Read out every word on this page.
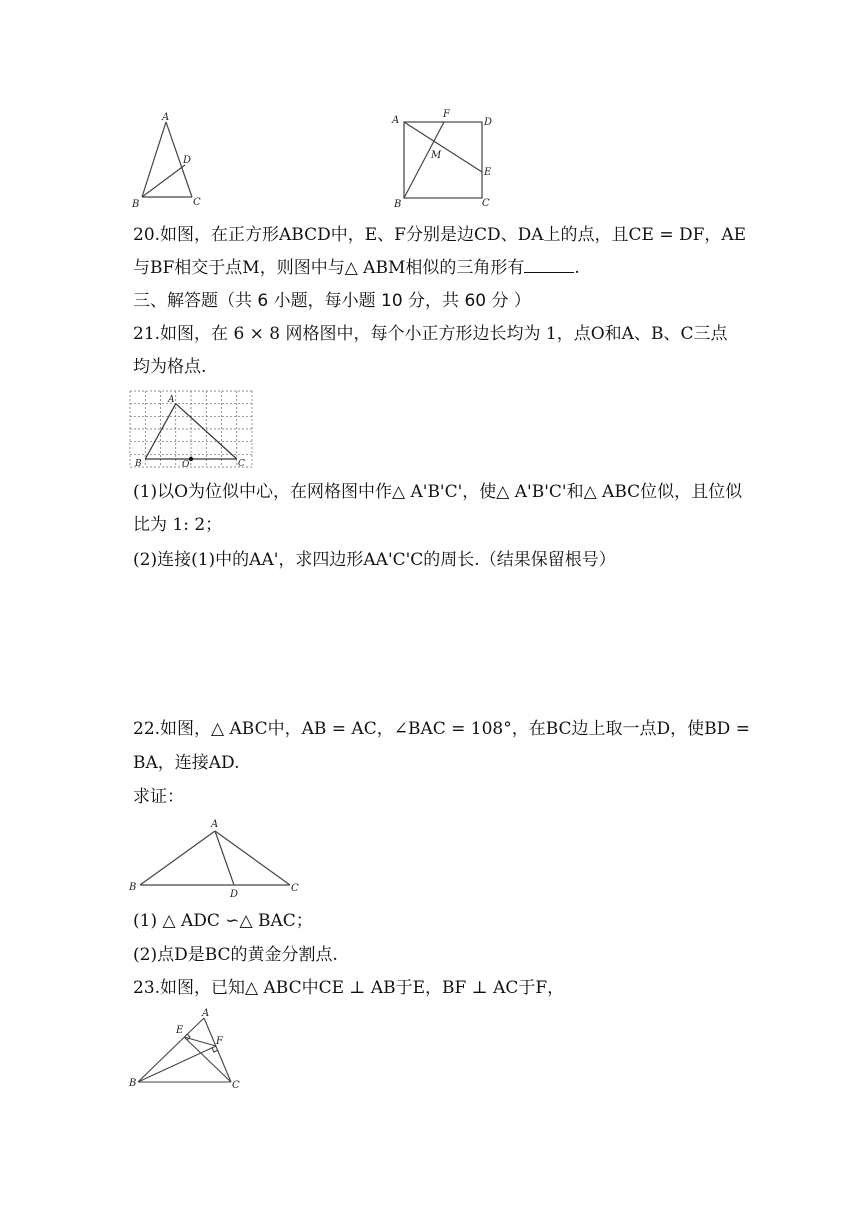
A
D
B	C
A
F
D
M
E
B	C
20.如图，在正方形ABCD中，E、F分别是边CD、DA上的点，且CE = DF，AE
与BF相交于点M，则图中与△ ABM相似的三角形有	.
三、解答题（共 6 小题，每小题 10 分，共 60 分 ）
21.如图，在 6 × 8 网格图中，每个小正方形边长均为 1，点O和A、B、C三点
均为格点.
A
B	O	C
(1)以O为位似中心，在网格图中作△ A'B'C'，使△ A'B'C'和△ ABC位似，且位似
比为 1: 2；
(2)连接(1)中的AA'，求四边形AA'C'C的周长.（结果保留根号）
22.如图，△ ABC中，AB = AC，∠BAC = 108°，在BC边上取一点D，使BD =
BA，连接AD.
求证：
A
B
D
C
(1) △ ADC ∽△ BAC；
(2)点D是BC的黄金分割点.
23.如图，已知△ ABC中CE ⊥ AB于E，BF ⊥ AC于F，
A
E
F
B	C
